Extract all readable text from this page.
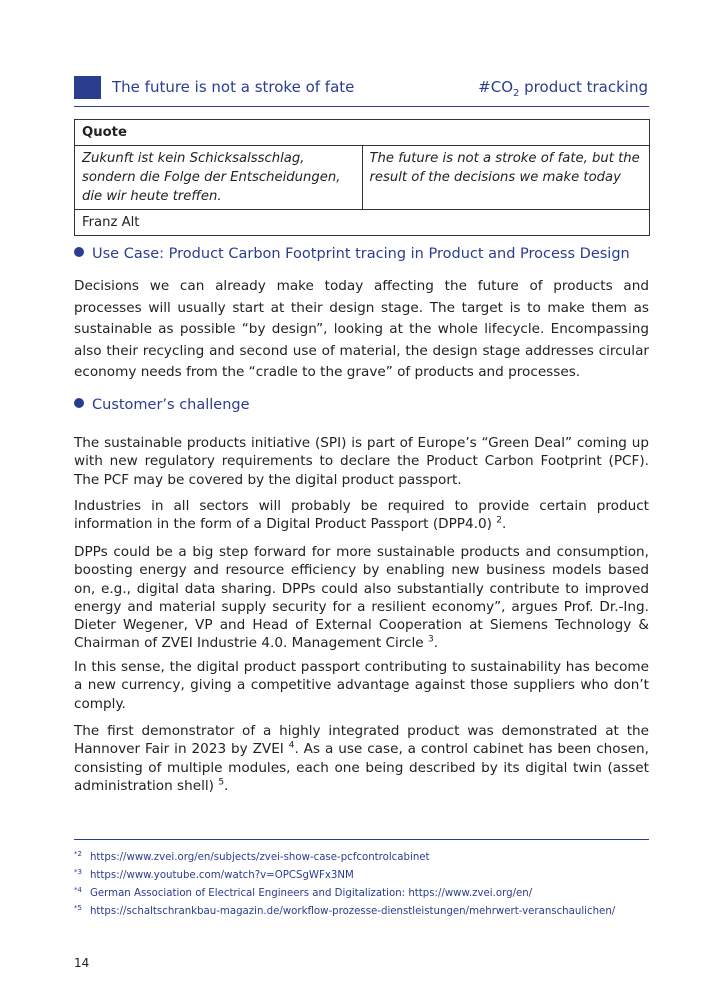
The future is not a stroke of fate	$\#CO_2$ product tracking
Quote
Zukunft ist kein Schicksalsschlag, sondern die Folge der Entscheidungen, die wir heute treffen.	The future is not a stroke of fate, but the result of the decisions we make today
Franz Alt
Use Case: Product Carbon Footprint tracing in Product and Process Design
Decisions we can already make today affecting the future of products and processes will usually start at their design stage. The target is to make them as sustainable as possible “by design”, looking at the whole lifecycle. Encompassing also their recycling and second use of material, the design stage addresses circular economy needs from the “cradle to the grave” of products and processes.
Customer’s challenge
The sustainable products initiative (SPI) is part of Europe’s “Green Deal” coming up with new regulatory requirements to declare the Product Carbon Footprint (PCF). The PCF may be covered by the digital product passport.
Industries in all sectors will probably be required to provide certain product information in the form of a Digital Product Passport (DPP4.0) $^2$.
DPPs could be a big step forward for more sustainable products and consumption, boosting energy and resource efficiency by enabling new business models based on, e.g., digital data sharing. DPPs could also substantially contribute to improved energy and material supply security for a resilient economy”, argues Prof. Dr.-Ing. Dieter Wegener, VP and Head of External Cooperation at Siemens Technology & Chairman of ZVEI Industrie 4.0. Management Circle $^3$.
In this sense, the digital product passport contributing to sustainability has become a new currency, giving a competitive advantage against those suppliers who don’t comply.
The first demonstrator of a highly integrated product was demonstrated at the Hannover Fair in 2023 by ZVEI $^4$. As a use case, a control cabinet has been chosen, consisting of multiple modules, each one being described by its digital twin (asset administration shell) $^5$.
$^{*2}$ https://www.zvei.org/en/subjects/zvei-show-case-pcfcontrolcabinet
$^{*3}$ https://www.youtube.com/watch?v=OPCSgWFx3NM
$^{*4}$ German Association of Electrical Engineers and Digitalization: https://www.zvei.org/en/
$^{*5}$ https://schaltschrankbau-magazin.de/workflow-prozesse-dienstleistungen/mehrwert-veranschaulichen/
14
